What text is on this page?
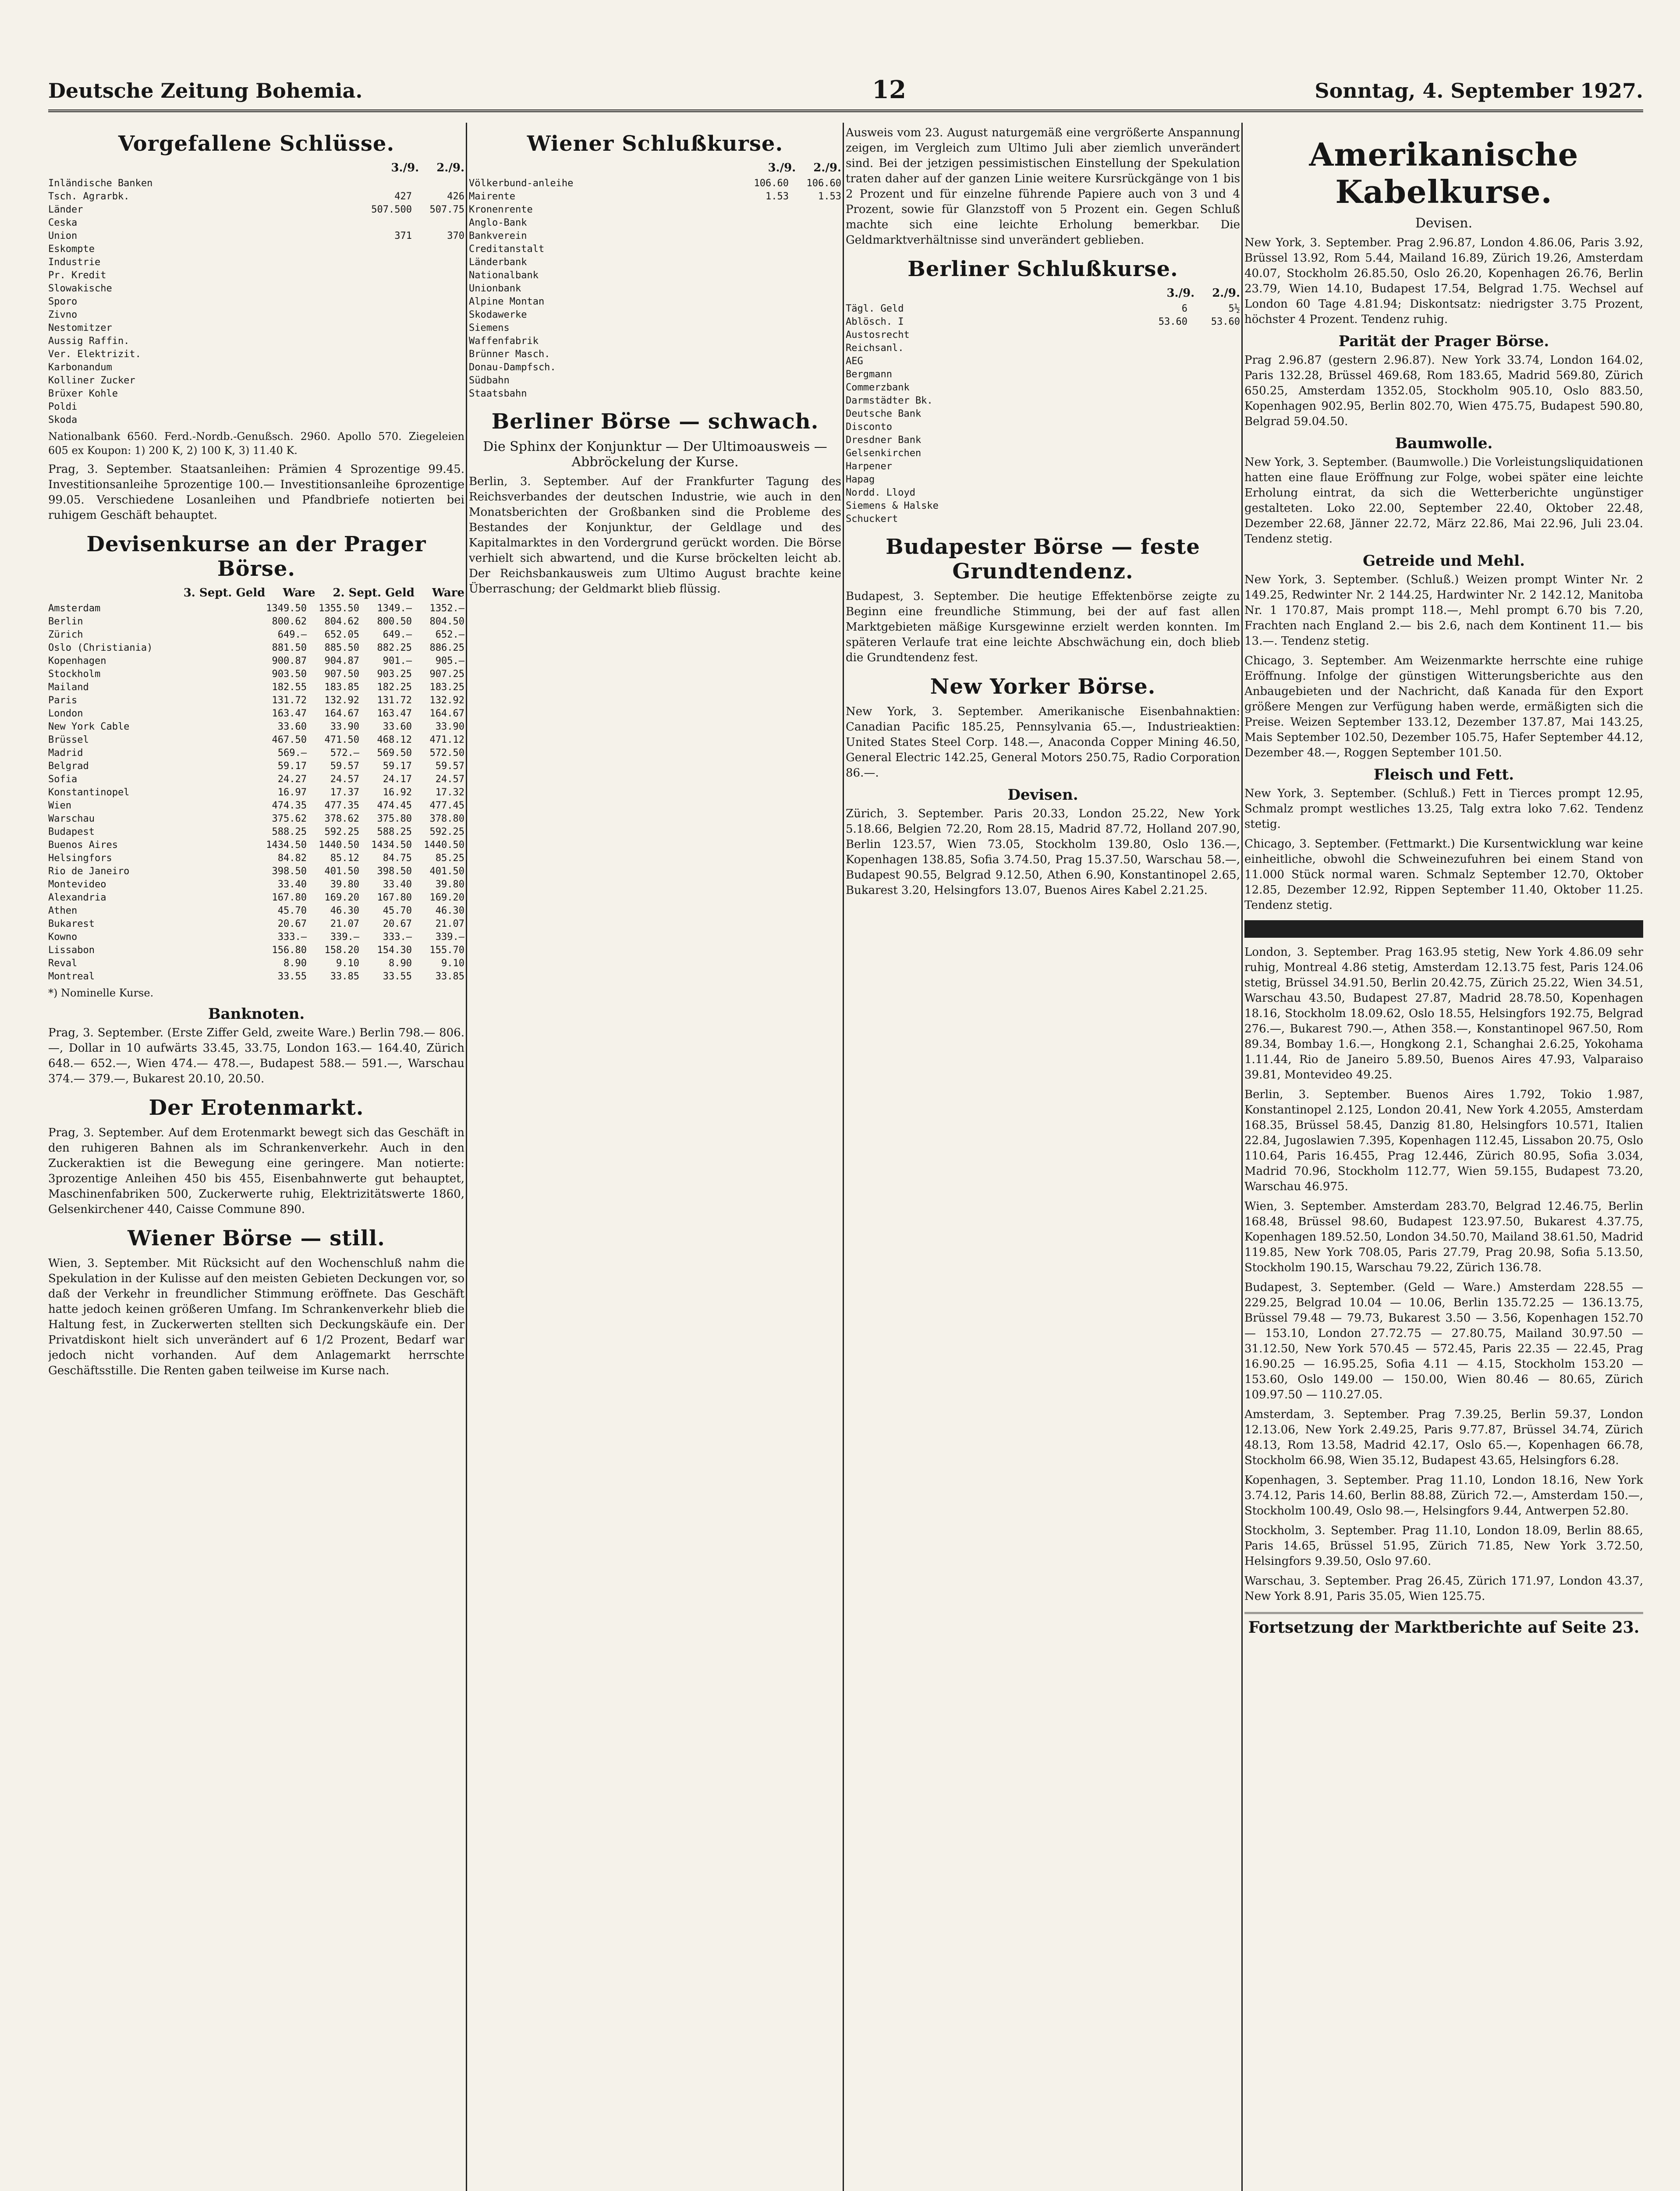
Deutsche Zeitung Bohemia.	12	Sonntag, 4. September 1927.
Vorgefallene Schlüsse.
3./9. 2./9.
Inländische Banken
Tsch. Agrarbk.	427	426
Länder	507.500	507.75
Ceska
Union	371	370
Eskompte
Industrie
Pr. Kredit
Slowakische
Sporo
Zivno
Nestomitzer
Aussig Raffin.
Ver. Elektrizit.
Karbonandum
Kolliner Zucker
Brüxer Kohle
Poldi
Skoda

Nationalbank 6560. Ferd.-Nordb.-Genußsch. 2960. Apollo 570. Ziegeleien 605 ex Koupon: 1) 200 K, 2) 100 K, 3) 11.40 K.

Prag, 3. September. Staatsanleihen: Prämien 4 Sprozentige 99.45. Investitionsanleihe 5prozentige 100.— Investitionsanleihe 6prozentige 99.05. Verschiedene Losanleihen und Pfandbriefe notierten bei ruhigem Geschäft behauptet.

Devisenkurse an der Prager Börse.
3. Sept. Geld Ware 2. Sept. Geld Ware
Amsterdam	1349.50	1355.50	1349.—	1352.—
Berlin	800.62	804.62	800.50	804.50
Zürich	649.—	652.05	649.—	652.—
Oslo (Christiania)	881.50	885.50	882.25	886.25
Kopenhagen	900.87	904.87	901.—	905.—
Stockholm	903.50	907.50	903.25	907.25
Mailand	182.55	183.85	182.25	183.25
Paris	131.72	132.92	131.72	132.92
London	163.47	164.67	163.47	164.67
New York Cable	33.60	33.90	33.60	33.90
Brüssel	467.50	471.50	468.12	471.12
Madrid	569.—	572.—	569.50	572.50
Belgrad	59.17	59.57	59.17	59.57
Sofia	24.27	24.57	24.17	24.57
Konstantinopel	16.97	17.37	16.92	17.32
Wien	474.35	477.35	474.45	477.45
Warschau	375.62	378.62	375.80	378.80
Budapest	588.25	592.25	588.25	592.25
Buenos Aires	1434.50	1440.50	1434.50	1440.50
Helsingfors	84.82	85.12	84.75	85.25
Rio de Janeiro	398.50	401.50	398.50	401.50
Montevideo	33.40	39.80	33.40	39.80
Alexandria	167.80	169.20	167.80	169.20
Athen	45.70	46.30	45.70	46.30
Bukarest	20.67	21.07	20.67	21.07
Kowno	333.—	339.—	333.—	339.—
Lissabon	156.80	158.20	154.30	155.70
Reval	8.90	9.10	8.90	9.10
Montreal	33.55	33.85	33.55	33.85

*) Nominelle Kurse.

Banknoten.

Prag, 3. September. (Erste Ziffer Geld, zweite Ware.) Berlin 798.— 806.—, Dollar in 10 aufwärts 33.45, 33.75, London 163.— 164.40, Zürich 648.— 652.—, Wien 474.— 478.—, Budapest 588.— 591.—, Warschau 374.— 379.—, Bukarest 20.10, 20.50.

Der Erotenmarkt.

Prag, 3. September. Auf dem Erotenmarkt bewegt sich das Geschäft in den ruhigeren Bahnen als im Schrankenverkehr. Auch in den Zuckeraktien ist die Bewegung eine geringere. Man notierte: 3prozentige Anleihen 450 bis 455, Eisenbahnwerte gut behauptet, Maschinenfabriken 500, Zuckerwerte ruhig, Elektrizitätswerte 1860, Gelsenkirchener 440, Caisse Commune 890.

Wiener Börse — still.

Wien, 3. September. Mit Rücksicht auf den Wochenschluß nahm die Spekulation in der Kulisse auf den meisten Gebieten Deckungen vor, so daß der Verkehr in freundlicher Stimmung eröffnete. Das Geschäft hatte jedoch keinen größeren Umfang. Im Schrankenverkehr blieb die Haltung fest, in Zuckerwerten stellten sich Deckungskäufe ein. Der Privatdiskont hielt sich unverändert auf 6 1/2 Prozent, Bedarf war jedoch nicht vorhanden. Auf dem Anlagemarkt herrschte Geschäftsstille. Die Renten gaben teilweise im Kurse nach.

Wiener Schlußkurse.
3./9. 2./9.
Völkerbund-anleihe	106.60	106.60
Mairente	1.53	1.53
Kronenrente
Anglo-Bank
Bankverein
Creditanstalt
Länderbank
Nationalbank
Unionbank
Alpine Montan
Skodawerke
Siemens
Waffenfabrik
Brünner Masch.
Donau-Dampfsch.
Südbahn
Staatsbahn
Berliner Börse — schwach.
Die Sphinx der Konjunktur — Der Ultimoausweis — Abbröckelung der Kurse.

Berlin, 3. September. Auf der Frankfurter Tagung des Reichsverbandes der deutschen Industrie, wie auch in den Monatsberichten der Großbanken sind die Probleme des Bestandes der Konjunktur, der Geldlage und des Kapitalmarktes in den Vordergrund gerückt worden. Die Börse verhielt sich abwartend, und die Kurse bröckelten leicht ab. Der Reichsbankausweis zum Ultimo August brachte keine Überraschung; der Geldmarkt blieb flüssig.

Ausweis vom 23. August naturgemäß eine vergrößerte Anspannung zeigen, im Vergleich zum Ultimo Juli aber ziemlich unverändert sind. Bei der jetzigen pessimistischen Einstellung der Spekulation traten daher auf der ganzen Linie weitere Kursrückgänge von 1 bis 2 Prozent und für einzelne führende Papiere auch von 3 und 4 Prozent, sowie für Glanzstoff von 5 Prozent ein. Gegen Schluß machte sich eine leichte Erholung bemerkbar. Die Geldmarktverhältnisse sind unverändert geblieben.

Berliner Schlußkurse.
3./9. 2./9.
Tägl. Geld	6	5½
Ablösch. I	53.60	53.60
Austosrecht
Reichsanl.
AEG
Bergmann
Commerzbank
Darmstädter Bk.
Deutsche Bank
Disconto
Dresdner Bank
Gelsenkirchen
Harpener
Hapag
Nordd. Lloyd
Siemens & Halske
Schuckert
Budapester Börse — feste Grundtendenz.

Budapest, 3. September. Die heutige Effektenbörse zeigte zu Beginn eine freundliche Stimmung, bei der auf fast allen Marktgebieten mäßige Kursgewinne erzielt werden konnten. Im späteren Verlaufe trat eine leichte Abschwächung ein, doch blieb die Grundtendenz fest.

New Yorker Börse.

New York, 3. September. Amerikanische Eisenbahnaktien: Canadian Pacific 185.25, Pennsylvania 65.—, Industrieaktien: United States Steel Corp. 148.—, Anaconda Copper Mining 46.50, General Electric 142.25, General Motors 250.75, Radio Corporation 86.—.

Devisen.

Zürich, 3. September. Paris 20.33, London 25.22, New York 5.18.66, Belgien 72.20, Rom 28.15, Madrid 87.72, Holland 207.90, Berlin 123.57, Wien 73.05, Stockholm 139.80, Oslo 136.—, Kopenhagen 138.85, Sofia 3.74.50, Prag 15.37.50, Warschau 58.—, Budapest 90.55, Belgrad 9.12.50, Athen 6.90, Konstantinopel 2.65, Bukarest 3.20, Helsingfors 13.07, Buenos Aires Kabel 2.21.25.

Amerikanische Kabelkurse.
Devisen.

New York, 3. September. Prag 2.96.87, London 4.86.06, Paris 3.92, Brüssel 13.92, Rom 5.44, Mailand 16.89, Zürich 19.26, Amsterdam 40.07, Stockholm 26.85.50, Oslo 26.20, Kopenhagen 26.76, Berlin 23.79, Wien 14.10, Budapest 17.54, Belgrad 1.75. Wechsel auf London 60 Tage 4.81.94; Diskontsatz: niedrigster 3.75 Prozent, höchster 4 Prozent. Tendenz ruhig.

Parität der Prager Börse.

Prag 2.96.87 (gestern 2.96.87). New York 33.74, London 164.02, Paris 132.28, Brüssel 469.68, Rom 183.65, Madrid 569.80, Zürich 650.25, Amsterdam 1352.05, Stockholm 905.10, Oslo 883.50, Kopenhagen 902.95, Berlin 802.70, Wien 475.75, Budapest 590.80, Belgrad 59.04.50.

Baumwolle.

New York, 3. September. (Baumwolle.) Die Vorleistungsliquidationen hatten eine flaue Eröffnung zur Folge, wobei später eine leichte Erholung eintrat, da sich die Wetterberichte ungünstiger gestalteten. Loko 22.00, September 22.40, Oktober 22.48, Dezember 22.68, Jänner 22.72, März 22.86, Mai 22.96, Juli 23.04. Tendenz stetig.

Getreide und Mehl.

New York, 3. September. (Schluß.) Weizen prompt Winter Nr. 2 149.25, Redwinter Nr. 2 144.25, Hardwinter Nr. 2 142.12, Manitoba Nr. 1 170.87, Mais prompt 118.—, Mehl prompt 6.70 bis 7.20, Frachten nach England 2.— bis 2.6, nach dem Kontinent 11.— bis 13.—. Tendenz stetig.

Chicago, 3. September. Am Weizenmarkte herrschte eine ruhige Eröffnung. Infolge der günstigen Witterungsberichte aus den Anbaugebieten und der Nachricht, daß Kanada für den Export größere Mengen zur Verfügung haben werde, ermäßigten sich die Preise. Weizen September 133.12, Dezember 137.87, Mai 143.25, Mais September 102.50, Dezember 105.75, Hafer September 44.12, Dezember 48.—, Roggen September 101.50.

Fleisch und Fett.

New York, 3. September. (Schluß.) Fett in Tierces prompt 12.95, Schmalz prompt westliches 13.25, Talg extra loko 7.62. Tendenz stetig.

Chicago, 3. September. (Fettmarkt.) Die Kursentwicklung war keine einheitliche, obwohl die Schweinezufuhren bei einem Stand von 11.000 Stück normal waren. Schmalz September 12.70, Oktober 12.85, Dezember 12.92, Rippen September 11.40, Oktober 11.25. Tendenz stetig.

London, 3. September. Prag 163.95 stetig, New York 4.86.09 sehr ruhig, Montreal 4.86 stetig, Amsterdam 12.13.75 fest, Paris 124.06 stetig, Brüssel 34.91.50, Berlin 20.42.75, Zürich 25.22, Wien 34.51, Warschau 43.50, Budapest 27.87, Madrid 28.78.50, Kopenhagen 18.16, Stockholm 18.09.62, Oslo 18.55, Helsingfors 192.75, Belgrad 276.—, Bukarest 790.—, Athen 358.—, Konstantinopel 967.50, Rom 89.34, Bombay 1.6.—, Hongkong 2.1, Schanghai 2.6.25, Yokohama 1.11.44, Rio de Janeiro 5.89.50, Buenos Aires 47.93, Valparaiso 39.81, Montevideo 49.25.

Berlin, 3. September. Buenos Aires 1.792, Tokio 1.987, Konstantinopel 2.125, London 20.41, New York 4.2055, Amsterdam 168.35, Brüssel 58.45, Danzig 81.80, Helsingfors 10.571, Italien 22.84, Jugoslawien 7.395, Kopenhagen 112.45, Lissabon 20.75, Oslo 110.64, Paris 16.455, Prag 12.446, Zürich 80.95, Sofia 3.034, Madrid 70.96, Stockholm 112.77, Wien 59.155, Budapest 73.20, Warschau 46.975.

Wien, 3. September. Amsterdam 283.70, Belgrad 12.46.75, Berlin 168.48, Brüssel 98.60, Budapest 123.97.50, Bukarest 4.37.75, Kopenhagen 189.52.50, London 34.50.70, Mailand 38.61.50, Madrid 119.85, New York 708.05, Paris 27.79, Prag 20.98, Sofia 5.13.50, Stockholm 190.15, Warschau 79.22, Zürich 136.78.

Budapest, 3. September. (Geld — Ware.) Amsterdam 228.55 — 229.25, Belgrad 10.04 — 10.06, Berlin 135.72.25 — 136.13.75, Brüssel 79.48 — 79.73, Bukarest 3.50 — 3.56, Kopenhagen 152.70 — 153.10, London 27.72.75 — 27.80.75, Mailand 30.97.50 — 31.12.50, New York 570.45 — 572.45, Paris 22.35 — 22.45, Prag 16.90.25 — 16.95.25, Sofia 4.11 — 4.15, Stockholm 153.20 — 153.60, Oslo 149.00 — 150.00, Wien 80.46 — 80.65, Zürich 109.97.50 — 110.27.05.

Amsterdam, 3. September. Prag 7.39.25, Berlin 59.37, London 12.13.06, New York 2.49.25, Paris 9.77.87, Brüssel 34.74, Zürich 48.13, Rom 13.58, Madrid 42.17, Oslo 65.—, Kopenhagen 66.78, Stockholm 66.98, Wien 35.12, Budapest 43.65, Helsingfors 6.28.

Kopenhagen, 3. September. Prag 11.10, London 18.16, New York 3.74.12, Paris 14.60, Berlin 88.88, Zürich 72.—, Amsterdam 150.—, Stockholm 100.49, Oslo 98.—, Helsingfors 9.44, Antwerpen 52.80.

Stockholm, 3. September. Prag 11.10, London 18.09, Berlin 88.65, Paris 14.65, Brüssel 51.95, Zürich 71.85, New York 3.72.50, Helsingfors 9.39.50, Oslo 97.60.

Warschau, 3. September. Prag 26.45, Zürich 171.97, London 43.37, New York 8.91, Paris 35.05, Wien 125.75.

Fortsetzung der Marktberichte auf Seite 23.
